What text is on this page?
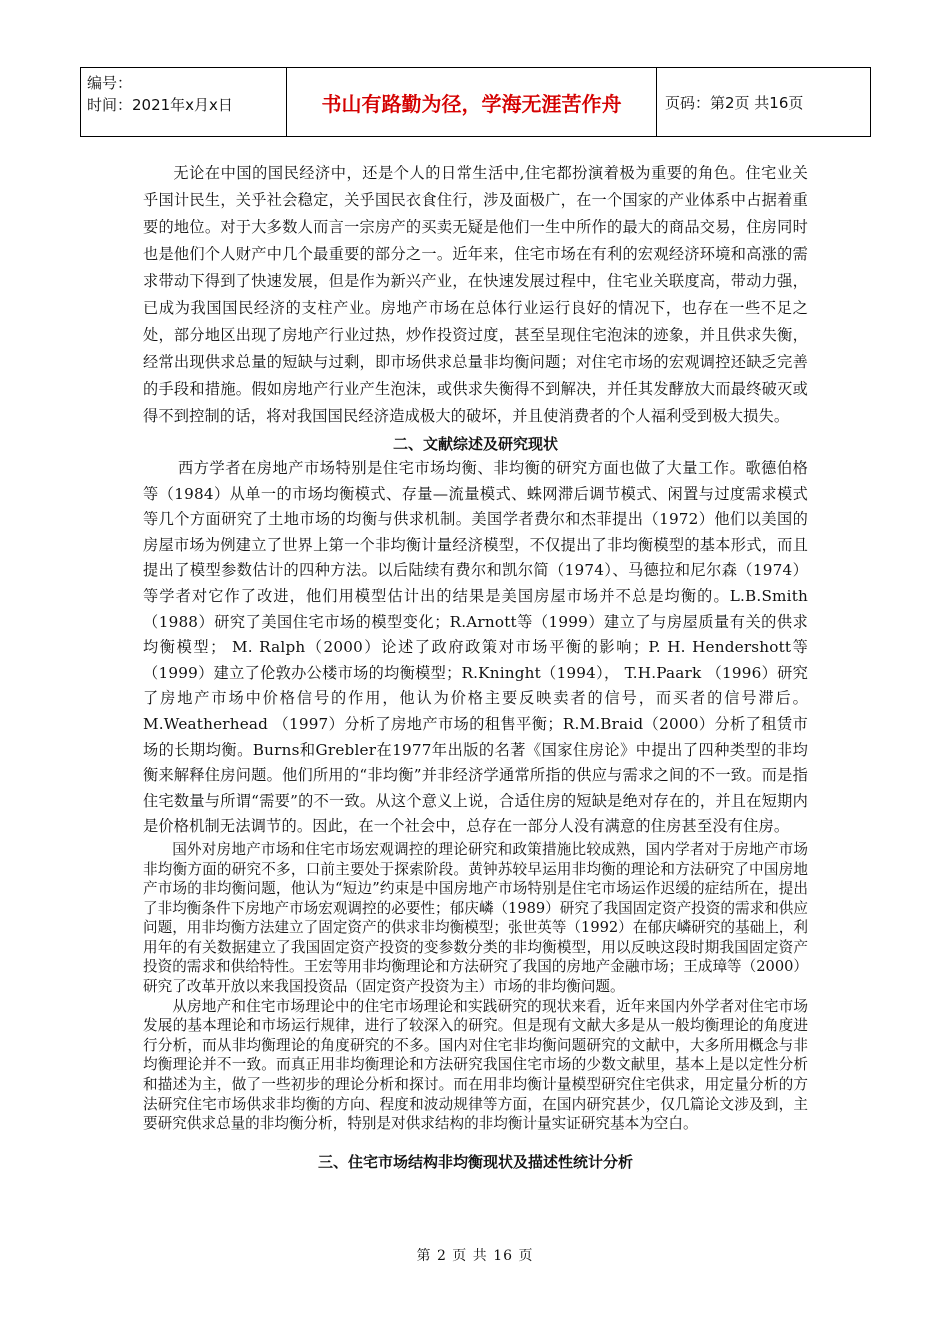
编号：
时间：2021年x月x日	书山有路勤为径，学海无涯苦作舟	页码：第2页 共16页

无论在中国的国民经济中，还是个人的日常生活中,住宅都扮演着极为重要的角色。住宅业关乎国计民生，关乎社会稳定，关乎国民衣食住行，涉及面极广，在一个国家的产业体系中占据着重要的地位。对于大多数人而言一宗房产的买卖无疑是他们一生中所作的最大的商品交易，住房同时也是他们个人财产中几个最重要的部分之一。近年来，住宅市场在有利的宏观经济环境和高涨的需求带动下得到了快速发展，但是作为新兴产业，在快速发展过程中，住宅业关联度高，带动力强，已成为我国国民经济的支柱产业。房地产市场在总体行业运行良好的情况下，也存在一些不足之处，部分地区出现了房地产行业过热，炒作投资过度，甚至呈现住宅泡沫的迹象，并且供求失衡，经常出现供求总量的短缺与过剩，即市场供求总量非均衡问题；对住宅市场的宏观调控还缺乏完善的手段和措施。假如房地产行业产生泡沫，或供求失衡得不到解决，并任其发酵放大而最终破灭或得不到控制的话，将对我国国民经济造成极大的破坏，并且使消费者的个人福利受到极大损失。

二、文献综述及研究现状

西方学者在房地产市场特别是住宅市场均衡、非均衡的研究方面也做了大量工作。歌德伯格等（1984）从单一的市场均衡模式、存量—流量模式、蛛网滞后调节模式、闲置与过度需求模式等几个方面研究了土地市场的均衡与供求机制。美国学者费尔和杰菲提出（1972）他们以美国的房屋市场为例建立了世界上第一个非均衡计量经济模型，不仅提出了非均衡模型的基本形式，而且提出了模型参数估计的四种方法。以后陆续有费尔和凯尔简（1974）、马德拉和尼尔森（1974）等学者对它作了改进，他们用模型估计出的结果是美国房屋市场并不总是均衡的。L.B.Smith（1988）研究了美国住宅市场的模型变化；R.Arnott等（1999）建立了与房屋质量有关的供求均衡模型； M. Ralph（2000）论述了政府政策对市场平衡的影响；P. H. Hendershott等（1999）建立了伦敦办公楼市场的均衡模型；R.Kninght（1994）， T.H.Paark （1996）研究了房地产市场中价格信号的作用，他认为价格主要反映卖者的信号，而买者的信号滞后。M.Weatherhead （1997）分析了房地产市场的租售平衡；R.M.Braid（2000）分析了租赁市场的长期均衡。Burns和Grebler在1977年出版的名著《国家住房论》中提出了四种类型的非均衡来解释住房问题。他们所用的“非均衡”并非经济学通常所指的供应与需求之间的不一致。而是指住宅数量与所谓“需要”的不一致。从这个意义上说，合适住房的短缺是绝对存在的，并且在短期内是价格机制无法调节的。因此，在一个社会中，总存在一部分人没有满意的住房甚至没有住房。

国外对房地产市场和住宅市场宏观调控的理论研究和政策措施比较成熟，国内学者对于房地产市场非均衡方面的研究不多，口前主要处于探索阶段。黄钟苏较早运用非均衡的理论和方法研究了中国房地产市场的非均衡问题，他认为“短边”约束是中国房地产市场特别是住宅市场运作迟缓的症结所在，提出了非均衡条件下房地产市场宏观调控的必要性；郁庆嶙（1989）研究了我国固定资产投资的需求和供应问题，用非均衡方法建立了固定资产的供求非均衡模型；张世英等（1992）在郁庆嶙研究的基础上，利用年的有关数据建立了我国固定资产投资的变参数分类的非均衡模型，用以反映这段时期我国固定资产投资的需求和供给特性。王宏等用非均衡理论和方法研究了我国的房地产金融市场；王成璋等（2000）研究了改革开放以来我国投资品（固定资产投资为主）市场的非均衡问题。

从房地产和住宅市场理论中的住宅市场理论和实践研究的现状来看，近年来国内外学者对住宅市场发展的基本理论和市场运行规律，进行了较深入的研究。但是现有文献大多是从一般均衡理论的角度进行分析，而从非均衡理论的角度研究的不多。国内对住宅非均衡问题研究的文献中，大多所用概念与非均衡理论并不一致。而真正用非均衡理论和方法研究我国住宅市场的少数文献里，基本上是以定性分析和描述为主，做了一些初步的理论分析和探讨。而在用非均衡计量模型研究住宅供求，用定量分析的方法研究住宅市场供求非均衡的方向、程度和波动规律等方面，在国内研究甚少，仅几篇论文涉及到，主要研究供求总量的非均衡分析，特别是对供求结构的非均衡计量实证研究基本为空白。

三、住宅市场结构非均衡现状及描述性统计分析
第 2 页 共 16 页
